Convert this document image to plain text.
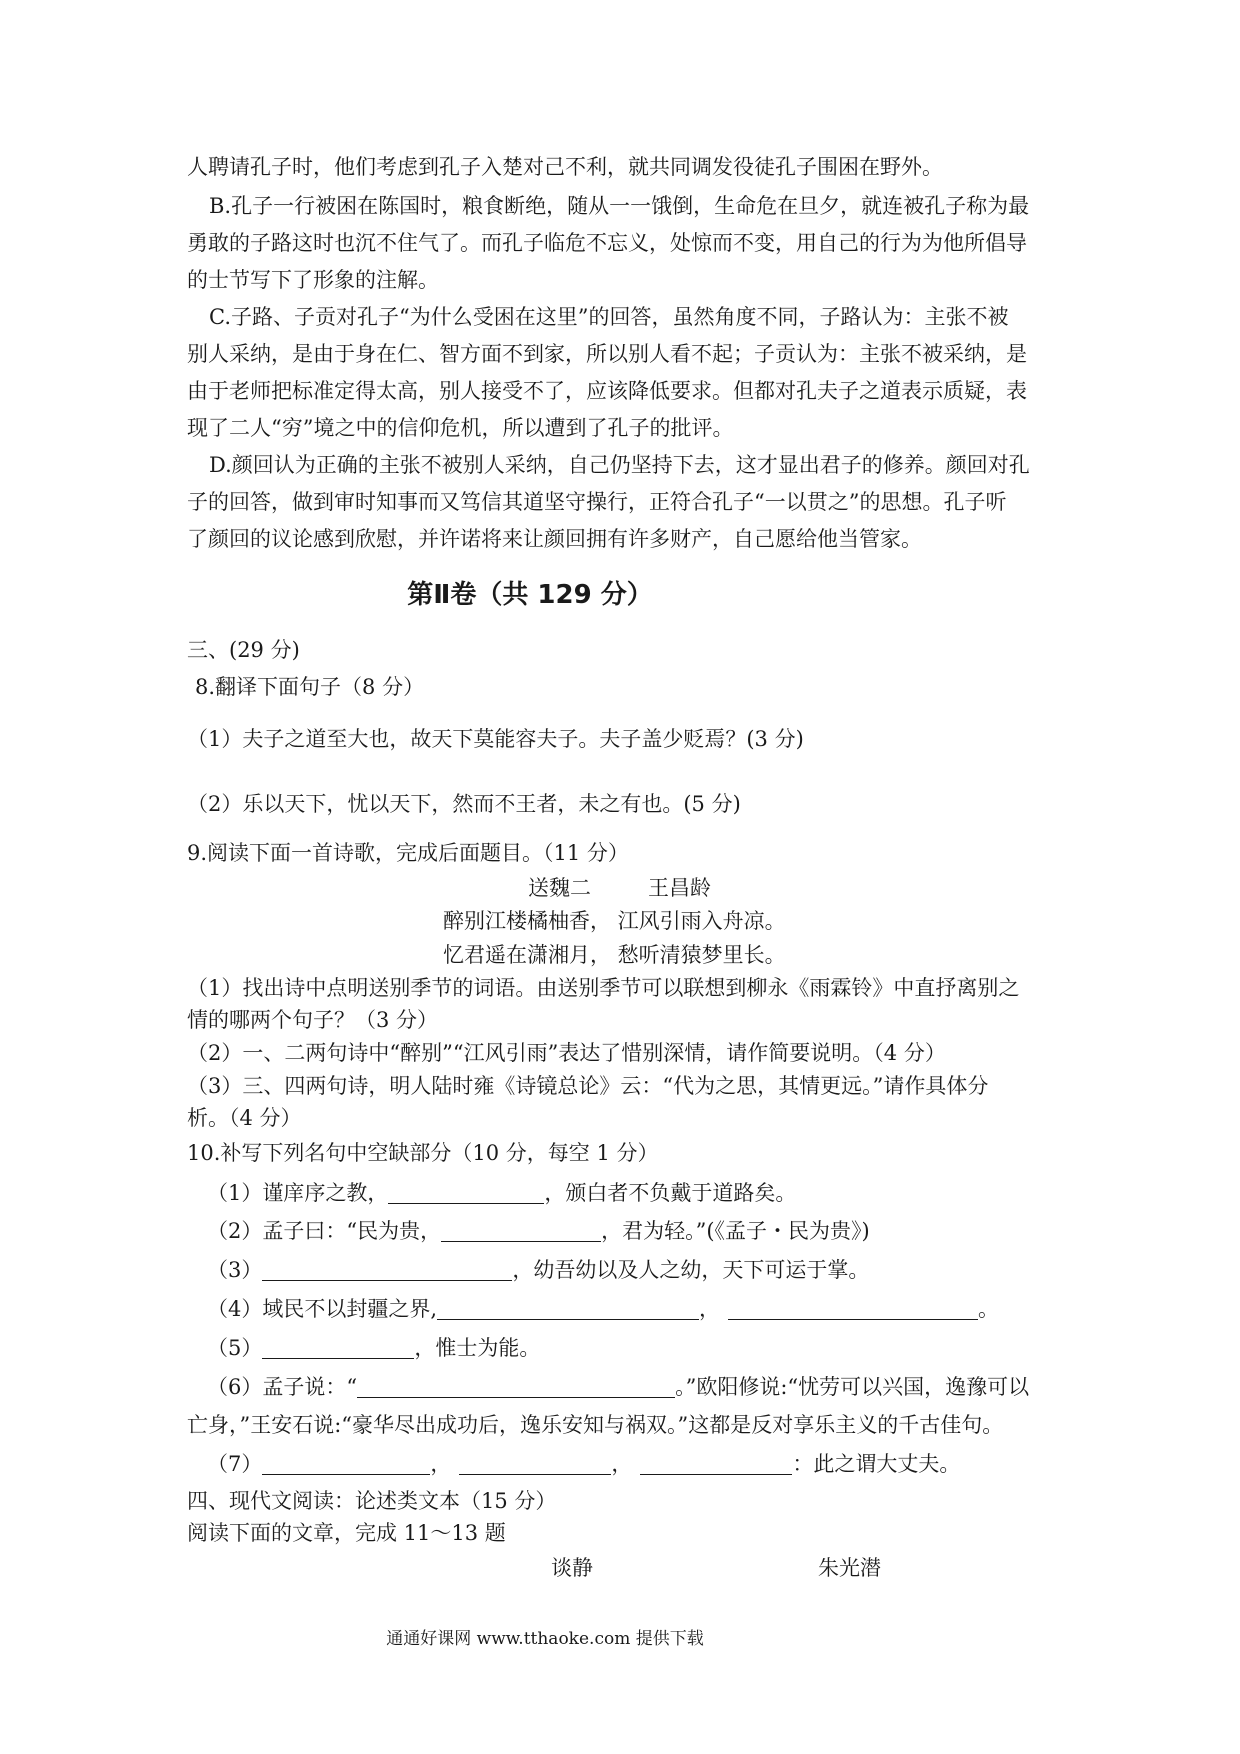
人聘请孔子时，他们考虑到孔子入楚对己不利，就共同调发役徒孔子围困在野外。
B.孔子一行被困在陈国时，粮食断绝，随从一一饿倒，生命危在旦夕，就连被孔子称为最
勇敢的子路这时也沉不住气了。而孔子临危不忘义，处惊而不变，用自己的行为为他所倡导
的士节写下了形象的注解。
C.子路、子贡对孔子“为什么受困在这里”的回答，虽然角度不同，子路认为：主张不被
别人采纳，是由于身在仁、智方面不到家，所以别人看不起；子贡认为：主张不被采纳，是
由于老师把标准定得太高，别人接受不了，应该降低要求。但都对孔夫子之道表示质疑，表
现了二人“穷”境之中的信仰危机，所以遭到了孔子的批评。
D.颜回认为正确的主张不被别人采纳，自己仍坚持下去，这才显出君子的修养。颜回对孔
子的回答，做到审时知事而又笃信其道坚守操行，正符合孔子“一以贯之”的思想。孔子听
了颜回的议论感到欣慰，并许诺将来让颜回拥有许多财产，自己愿给他当管家。
第Ⅱ卷（共 129 分）
三、(29 分)
8.翻译下面句子（8 分）
（1）夫子之道至大也，故天下莫能容夫子。夫子盖少贬焉？(3 分)
（2）乐以天下，忧以天下，然而不王者，未之有也。(5 分)
9.阅读下面一首诗歌，完成后面题目。（11 分）
送魏二	王昌龄
醉别江楼橘柚香， 江风引雨入舟凉。
忆君遥在潇湘月， 愁听清猿梦里长。
（1）找出诗中点明送别季节的词语。由送别季节可以联想到柳永《雨霖铃》中直抒离别之
情的哪两个句子？（3 分）
（2）一、二两句诗中“醉别”“江风引雨”表达了惜别深情，请作简要说明。（4 分）
（3）三、四两句诗，明人陆时雍《诗镜总论》云：“代为之思，其情更远。”请作具体分
析。（4 分）
10.补写下列名句中空缺部分（10 分，每空 1 分）
（1）谨庠序之教，	，颁白者不负戴于道路矣。
（2）孟子曰：“民为贵，	，君为轻。”(《孟子・民为贵》)
（3）	，幼吾幼以及人之幼，天下可运于掌。
（4）域民不以封疆之界,	，	。
（5）	，惟士为能。
（6）孟子说：“	。”欧阳修说:“忧劳可以兴国，逸豫可以
亡身，”王安石说:“豪华尽出成功后，逸乐安知与祸双。”这都是反对享乐主义的千古佳句。
（7）	，	，	：此之谓大丈夫。
四、现代文阅读：论述类文本（15 分）
阅读下面的文章，完成 11～13 题
谈静	朱光潜
通通好课网 www.tthaoke.com 提供下载
